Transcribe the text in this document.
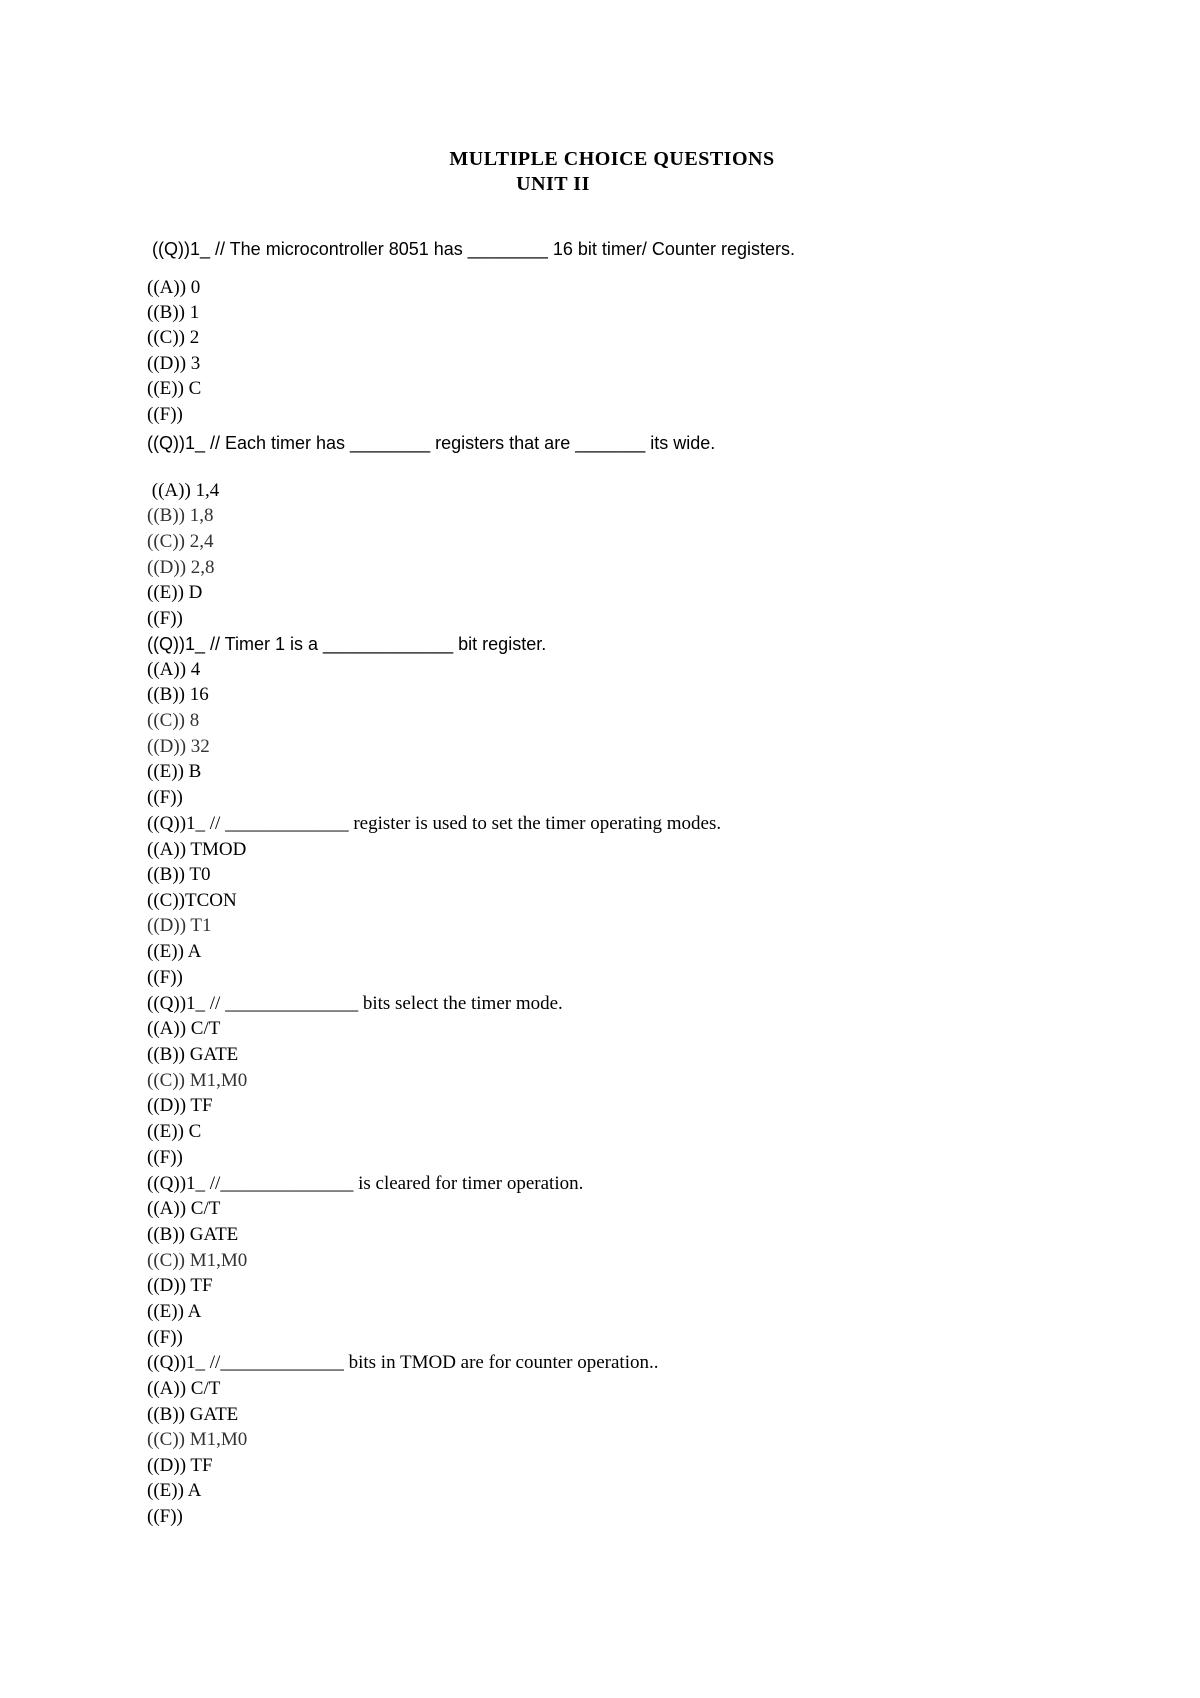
MULTIPLE CHOICE QUESTIONS
UNIT II
((Q))1_ // The microcontroller 8051 has ________ 16 bit timer/ Counter registers.
((A)) 0
((B)) 1
((C)) 2
((D)) 3
((E)) C
((F))
((Q))1_ // Each timer has ________ registers that are _______ its wide.
((A)) 1,4
((B)) 1,8
((C)) 2,4
((D)) 2,8
((E)) D
((F))
((Q))1_ // Timer 1 is a _____________ bit register.
((A)) 4
((B)) 16
((C)) 8
((D)) 32
((E)) B
((F))
((Q))1_ // _____________ register is used to set the timer operating modes.
((A)) TMOD
((B)) T0
((C))TCON
((D)) T1
((E)) A
((F))
((Q))1_ // ______________ bits select the timer mode.
((A)) C/T
((B)) GATE
((C)) M1,M0
((D)) TF
((E)) C
((F))
((Q))1_ //______________ is cleared for timer operation.
((A)) C/T
((B)) GATE
((C)) M1,M0
((D)) TF
((E)) A
((F))
((Q))1_ //_____________ bits in TMOD are for counter operation..
((A)) C/T
((B)) GATE
((C)) M1,M0
((D)) TF
((E)) A
((F))
